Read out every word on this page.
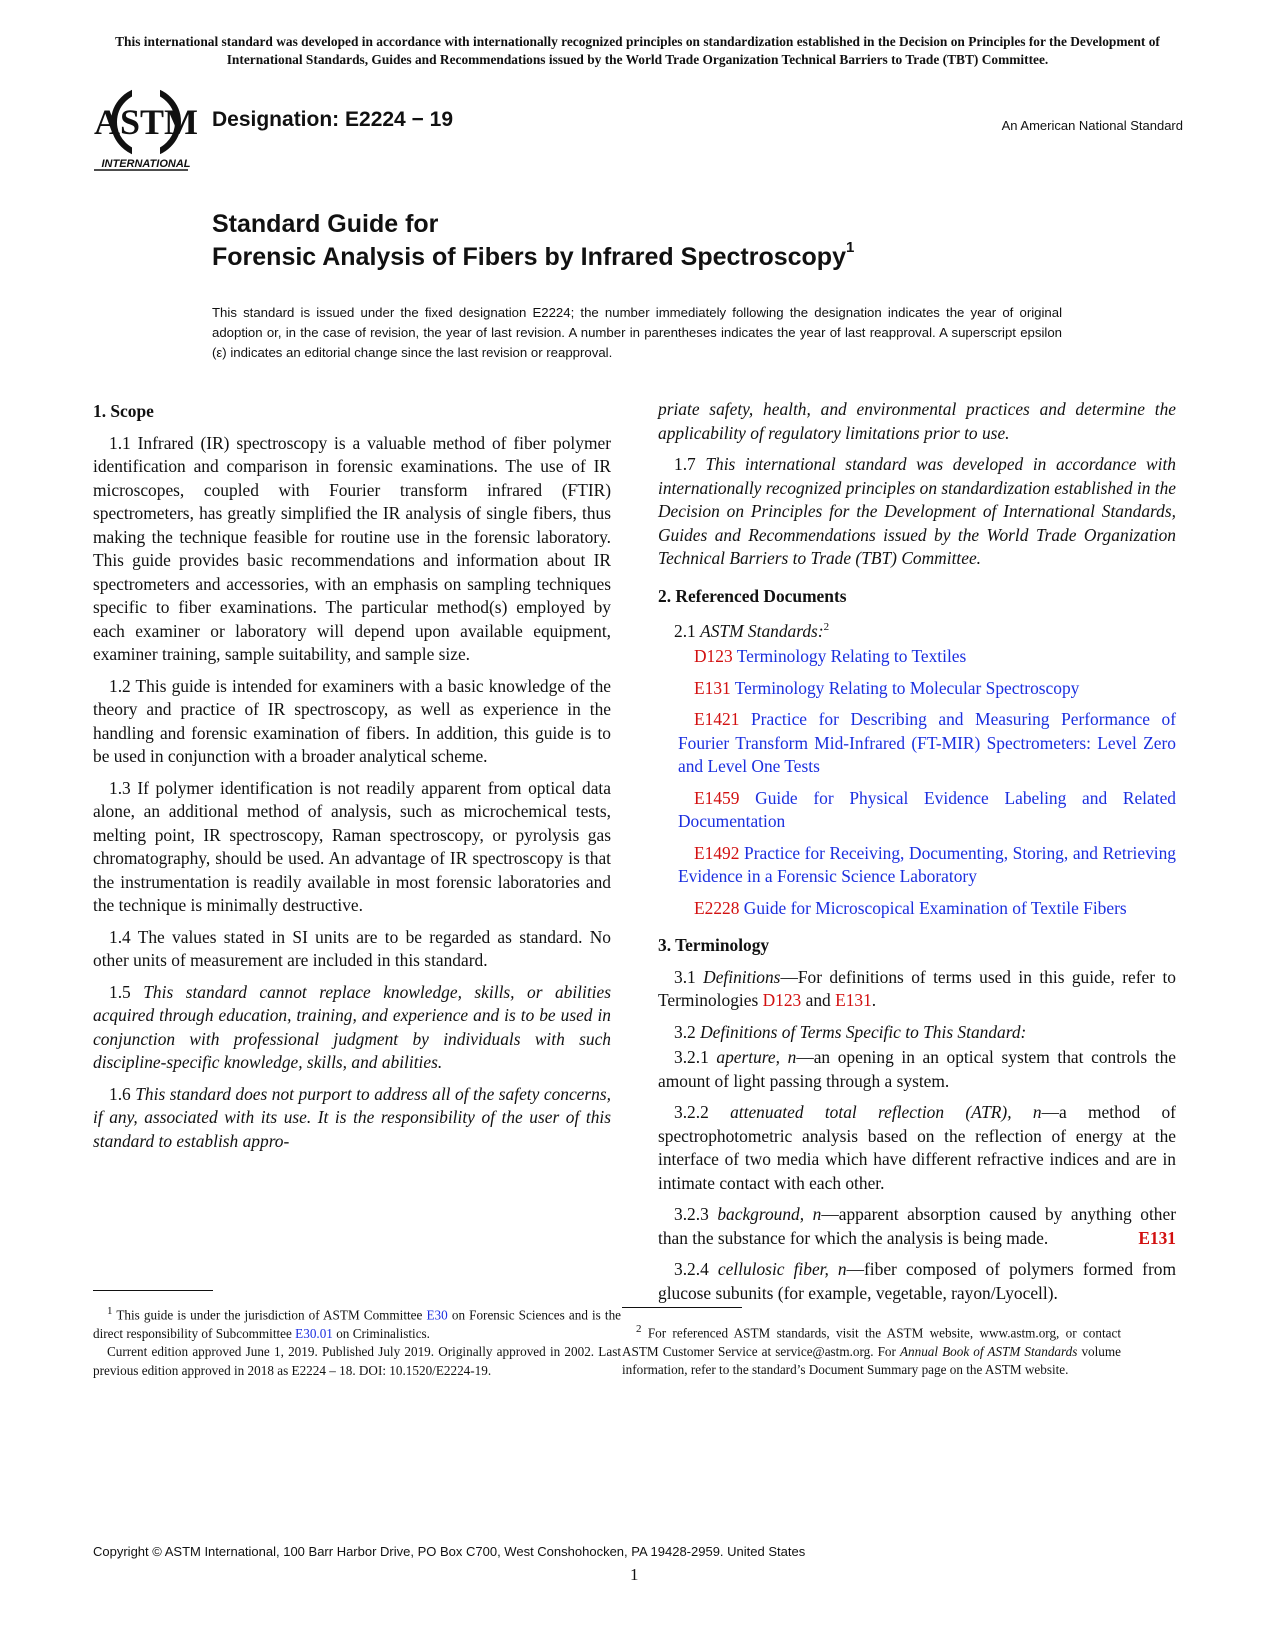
This international standard was developed in accordance with internationally recognized principles on standardization established in the Decision on Principles for the Development of International Standards, Guides and Recommendations issued by the World Trade Organization Technical Barriers to Trade (TBT) Committee.
ASTM
INTERNATIONAL
Designation: E2224 − 19	An American National Standard
Standard Guide for
Forensic Analysis of Fibers by Infrared Spectroscopy$^1$
This standard is issued under the fixed designation E2224; the number immediately following the designation indicates the year of original adoption or, in the case of revision, the year of last revision. A number in parentheses indicates the year of last reapproval. A superscript epsilon (ε) indicates an editorial change since the last revision or reapproval.
1. Scope

1.1 Infrared (IR) spectroscopy is a valuable method of fiber polymer identification and comparison in forensic examinations. The use of IR microscopes, coupled with Fourier transform infrared (FTIR) spectrometers, has greatly simplified the IR analysis of single fibers, thus making the technique feasible for routine use in the forensic laboratory. This guide provides basic recommendations and information about IR spectrometers and accessories, with an emphasis on sampling techniques specific to fiber examinations. The particular method(s) employed by each examiner or laboratory will depend upon available equipment, examiner training, sample suitability, and sample size.

1.2 This guide is intended for examiners with a basic knowledge of the theory and practice of IR spectroscopy, as well as experience in the handling and forensic examination of fibers. In addition, this guide is to be used in conjunction with a broader analytical scheme.

1.3 If polymer identification is not readily apparent from optical data alone, an additional method of analysis, such as microchemical tests, melting point, IR spectroscopy, Raman spectroscopy, or pyrolysis gas chromatography, should be used. An advantage of IR spectroscopy is that the instrumentation is readily available in most forensic laboratories and the technique is minimally destructive.

1.4 The values stated in SI units are to be regarded as standard. No other units of measurement are included in this standard.

1.5 This standard cannot replace knowledge, skills, or abilities acquired through education, training, and experience and is to be used in conjunction with professional judgment by individuals with such discipline-specific knowledge, skills, and abilities.

1.6 This standard does not purport to address all of the safety concerns, if any, associated with its use. It is the responsibility of the user of this standard to establish appro-

priate safety, health, and environmental practices and determine the applicability of regulatory limitations prior to use.

1.7 This international standard was developed in accordance with internationally recognized principles on standardization established in the Decision on Principles for the Development of International Standards, Guides and Recommendations issued by the World Trade Organization Technical Barriers to Trade (TBT) Committee.

2. Referenced Documents

2.1 ASTM Standards:$^2$

D123 Terminology Relating to Textiles

E131 Terminology Relating to Molecular Spectroscopy

E1421 Practice for Describing and Measuring Performance of Fourier Transform Mid-Infrared (FT-MIR) Spectrometers: Level Zero and Level One Tests

E1459 Guide for Physical Evidence Labeling and Related Documentation

E1492 Practice for Receiving, Documenting, Storing, and Retrieving Evidence in a Forensic Science Laboratory

E2228 Guide for Microscopical Examination of Textile Fibers

3. Terminology

3.1 Definitions—For definitions of terms used in this guide, refer to Terminologies D123 and E131.

3.2 Definitions of Terms Specific to This Standard:

3.2.1 aperture, n—an opening in an optical system that controls the amount of light passing through a system.

3.2.2 attenuated total reflection (ATR), n—a method of spectrophotometric analysis based on the reflection of energy at the interface of two media which have different refractive indices and are in intimate contact with each other.

3.2.3 background, n—apparent absorption caused by anything other than the substance for which the analysis is being made.	E131

3.2.4 cellulosic fiber, n—fiber composed of polymers formed from glucose subunits (for example, vegetable, rayon/Lyocell).

$^1$ This guide is under the jurisdiction of ASTM Committee E30 on Forensic Sciences and is the direct responsibility of Subcommittee E30.01 on Criminalistics.

Current edition approved June 1, 2019. Published July 2019. Originally approved in 2002. Last previous edition approved in 2018 as E2224 – 18. DOI: 10.1520/E2224-19.

$^2$ For referenced ASTM standards, visit the ASTM website, www.astm.org, or contact ASTM Customer Service at service@astm.org. For Annual Book of ASTM Standards volume information, refer to the standard’s Document Summary page on the ASTM website.

Copyright © ASTM International, 100 Barr Harbor Drive, PO Box C700, West Conshohocken, PA 19428-2959. United States
1
